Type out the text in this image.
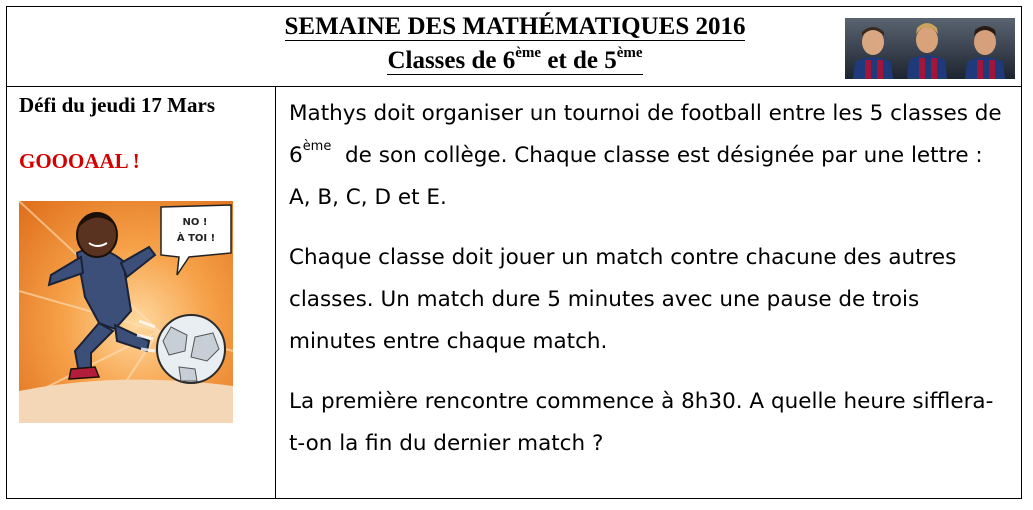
SEMAINE DES MATHÉMATIQUES 2016
Classes de 6ème et de 5ème
Défi du jeudi 17 Mars
GOOOAAL !
NO !
À TOI !

Mathys doit organiser un tournoi de football entre les 5 classes de 6ème  de son collège. Chaque classe est désignée par une lettre : A, B, C, D et E.

Chaque classe doit jouer un match contre chacune des autres classes. Un match dure 5 minutes avec une pause de trois minutes entre chaque match.

La première rencontre commence à 8h30. A quelle heure sifflera-t-on la fin du dernier match ?
